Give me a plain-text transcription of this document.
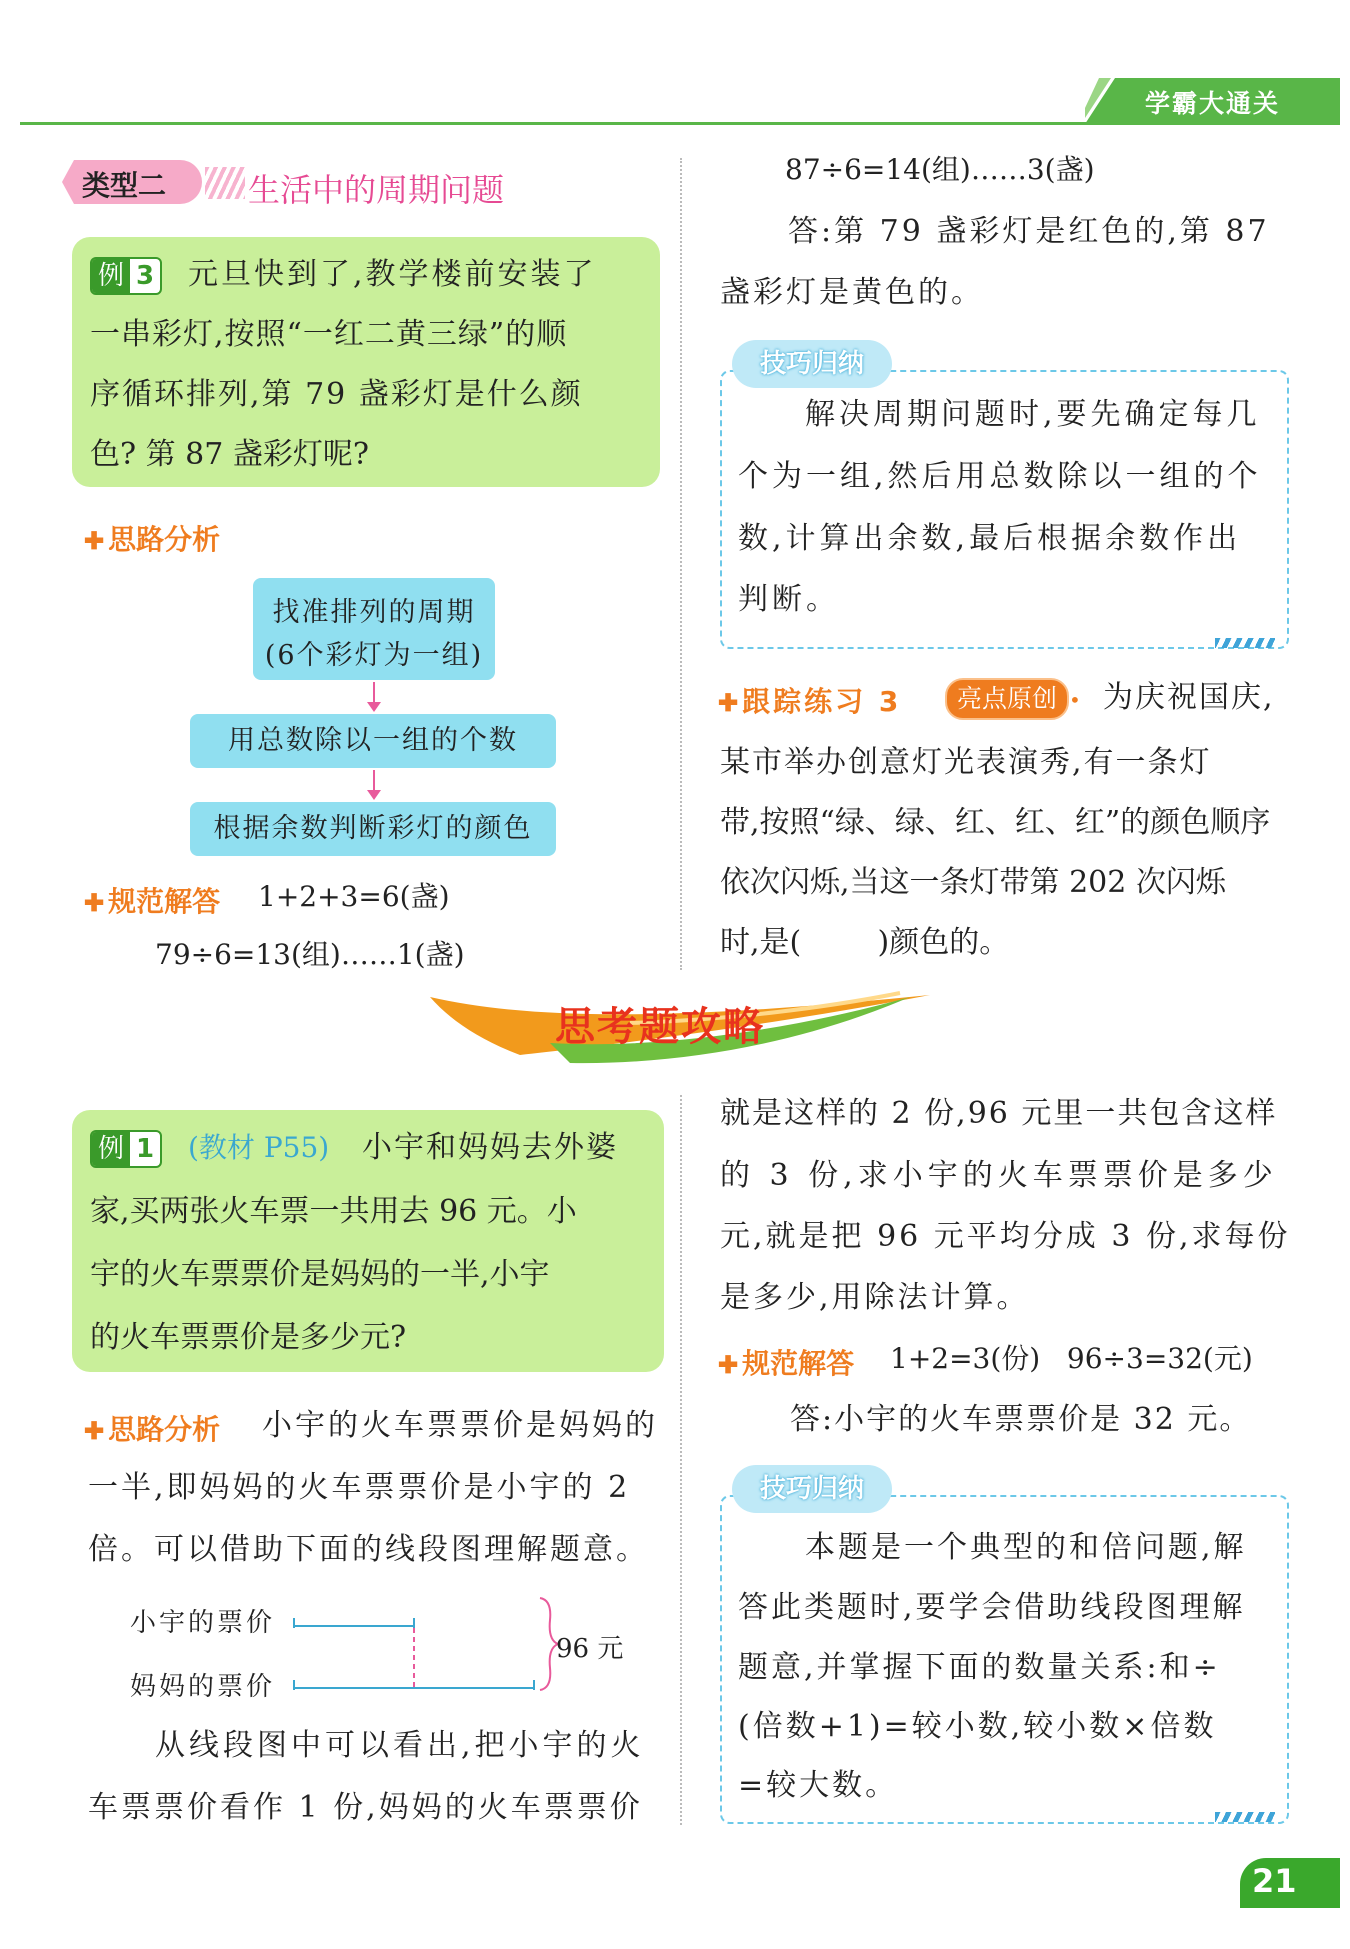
学霸大通关
类型二	生活中的周期问题
例 3 元旦快到了,教学楼前安装了
一串彩灯,按照“一红二黄三绿”的顺
序循环排列,第 79 盏彩灯是什么颜
色? 第 87 盏彩灯呢?
✚ 思路分析
找准排列的周期
(6个彩灯为一组)
用总数除以一组的个数
根据余数判断彩灯的颜色
✚ 规范解答 1+2+3=6(盏)
79÷6=13(组)……1(盏)
87÷6=14(组)……3(盏)
答:第 79 盏彩灯是红色的,第 87
盏彩灯是黄色的。
技巧归纳
解决周期问题时,要先确定每几
个为一组,然后用总数除以一组的个
数,计算出余数,最后根据余数作出
判断。
✚ 跟踪练习 3	亮点原创 • 为庆祝国庆,
某市举办创意灯光表演秀,有一条灯
带,按照“绿、绿、红、红、红”的颜色顺序
依次闪烁,当这一条灯带第 202 次闪烁
时,是(        )颜色的。
思考题攻略
例 1 (教材 P55) 小宇和妈妈去外婆
家,买两张火车票一共用去 96 元。小
宇的火车票票价是妈妈的一半,小宇
的火车票票价是多少元?
✚ 思路分析 小宇的火车票票价是妈妈的
一半,即妈妈的火车票票价是小宇的 2
倍。可以借助下面的线段图理解题意。
小宇的票价
妈妈的票价
96 元
从线段图中可以看出,把小宇的火
车票票价看作 1 份,妈妈的火车票票价
就是这样的 2 份,96 元里一共包含这样
的 3 份,求小宇的火车票票价是多少
元,就是把 96 元平均分成 3 份,求每份
是多少,用除法计算。
✚ 规范解答 1+2=3(份)   96÷3=32(元)
答:小宇的火车票票价是 32 元。
技巧归纳
本题是一个典型的和倍问题,解
答此类题时,要学会借助线段图理解
题意,并掌握下面的数量关系:和÷
(倍数+1)=较小数,较小数×倍数
=较大数。
21
